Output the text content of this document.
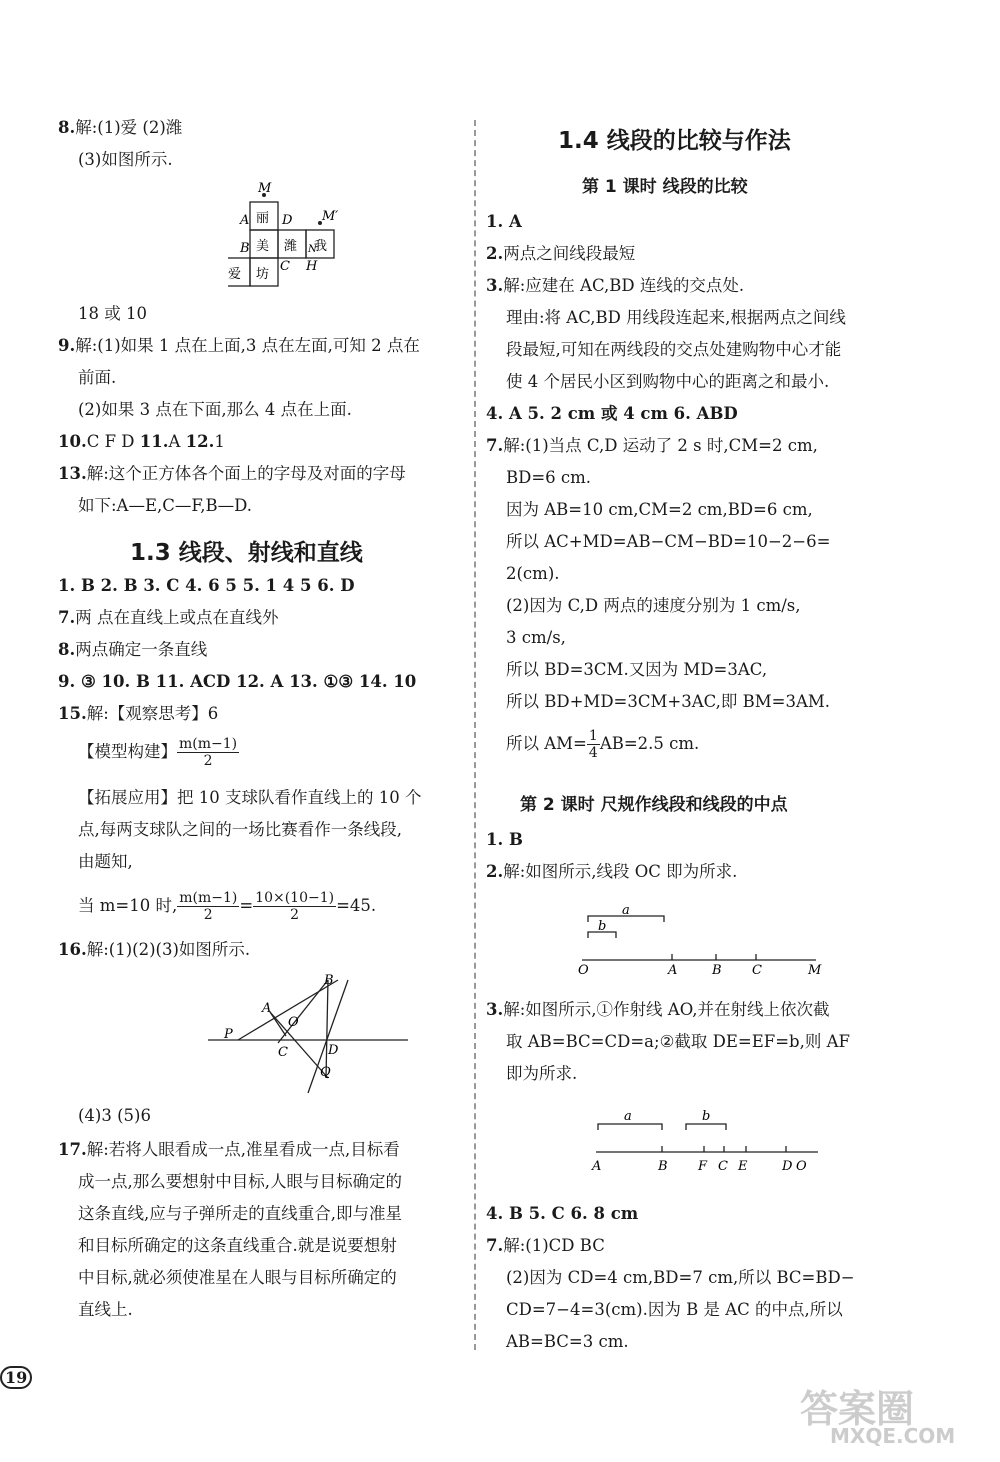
8.解:(1)爱 (2)潍
(3)如图所示.
M
M′
A
B
D
C H
N
丽
美 潍 我
爱 坊
18 或 10
9.解:(1)如果 1 点在上面,3 点在左面,可知 2 点在
前面.
(2)如果 3 点在下面,那么 4 点在上面.
10.C F D 11.A 12.1
13.解:这个正方体各个面上的字母及对面的字母
如下:A—E,C—F,B—D.
1.3 线段、射线和直线
1. B 2. B 3. C 4. 6 5 5. 1 4 5 6. D
7.两 点在直线上或点在直线外
8.两点确定一条直线
9. ③ 10. B 11. ACD 12. A 13. ①③ 14. 10
15.解:【观察思考】6
【模型构建】 $\frac{m(m-1)}{2}$
【拓展应用】把 10 支球队看作直线上的 10 个
点,每两支球队之间的一场比赛看作一条线段,
由题知,
当 m=10 时, $\frac{m(m-1)}{2} = \frac{10\times(10-1)}{2} =45$.
16.解:(1)(2)(3)如图所示.
B
A
O
P
C	D
Q
(4)3 (5)6
17.解:若将人眼看成一点,准星看成一点,目标看
成一点,那么要想射中目标,人眼与目标确定的
这条直线,应与子弹所走的直线重合,即与准星
和目标所确定的这条直线重合.就是说要想射
中目标,就必须使准星在人眼与目标所确定的
直线上.
1.4 线段的比较与作法
第 1 课时 线段的比较
1. A
2.两点之间线段最短
3.解:应建在 AC,BD 连线的交点处.
理由:将 AC,BD 用线段连起来,根据两点之间线
段最短,可知在两线段的交点处建购物中心才能
使 4 个居民小区到购物中心的距离之和最小.
4. A 5. 2 cm 或 4 cm 6. ABD
7.解:(1)当点 C,D 运动了 2 s 时,CM=2 cm,
BD=6 cm.
因为 AB=10 cm,CM=2 cm,BD=6 cm,
所以 AC+MD=AB−CM−BD=10−2−6=
2(cm).
(2)因为 C,D 两点的速度分别为 1 cm/s,
3 cm/s,
所以 BD=3CM.又因为 MD=3AC,
所以 BD+MD=3CM+3AC,即 BM=3AM.
所以 $AM= \frac{1}{4} AB=2.5$ cm.
第 2 课时 尺规作线段和线段的中点
1. B
2.解:如图所示,线段 OC 即为所求.
a
b
O	A	B C	M
3.解:如图所示,①作射线 AO,并在射线上依次截
取 AB=BC=CD=a;②截取 DE=EF=b,则 AF
即为所求.
a	b
A	B F C E	D O
4. B 5. C 6. 8 cm
7.解:(1)CD BC
(2)因为 CD=4 cm,BD=7 cm,所以 BC=BD−
CD=7−4=3(cm).因为 B 是 AC 的中点,所以
AB=BC=3 cm.
19
答案圈
MXQE.COM
